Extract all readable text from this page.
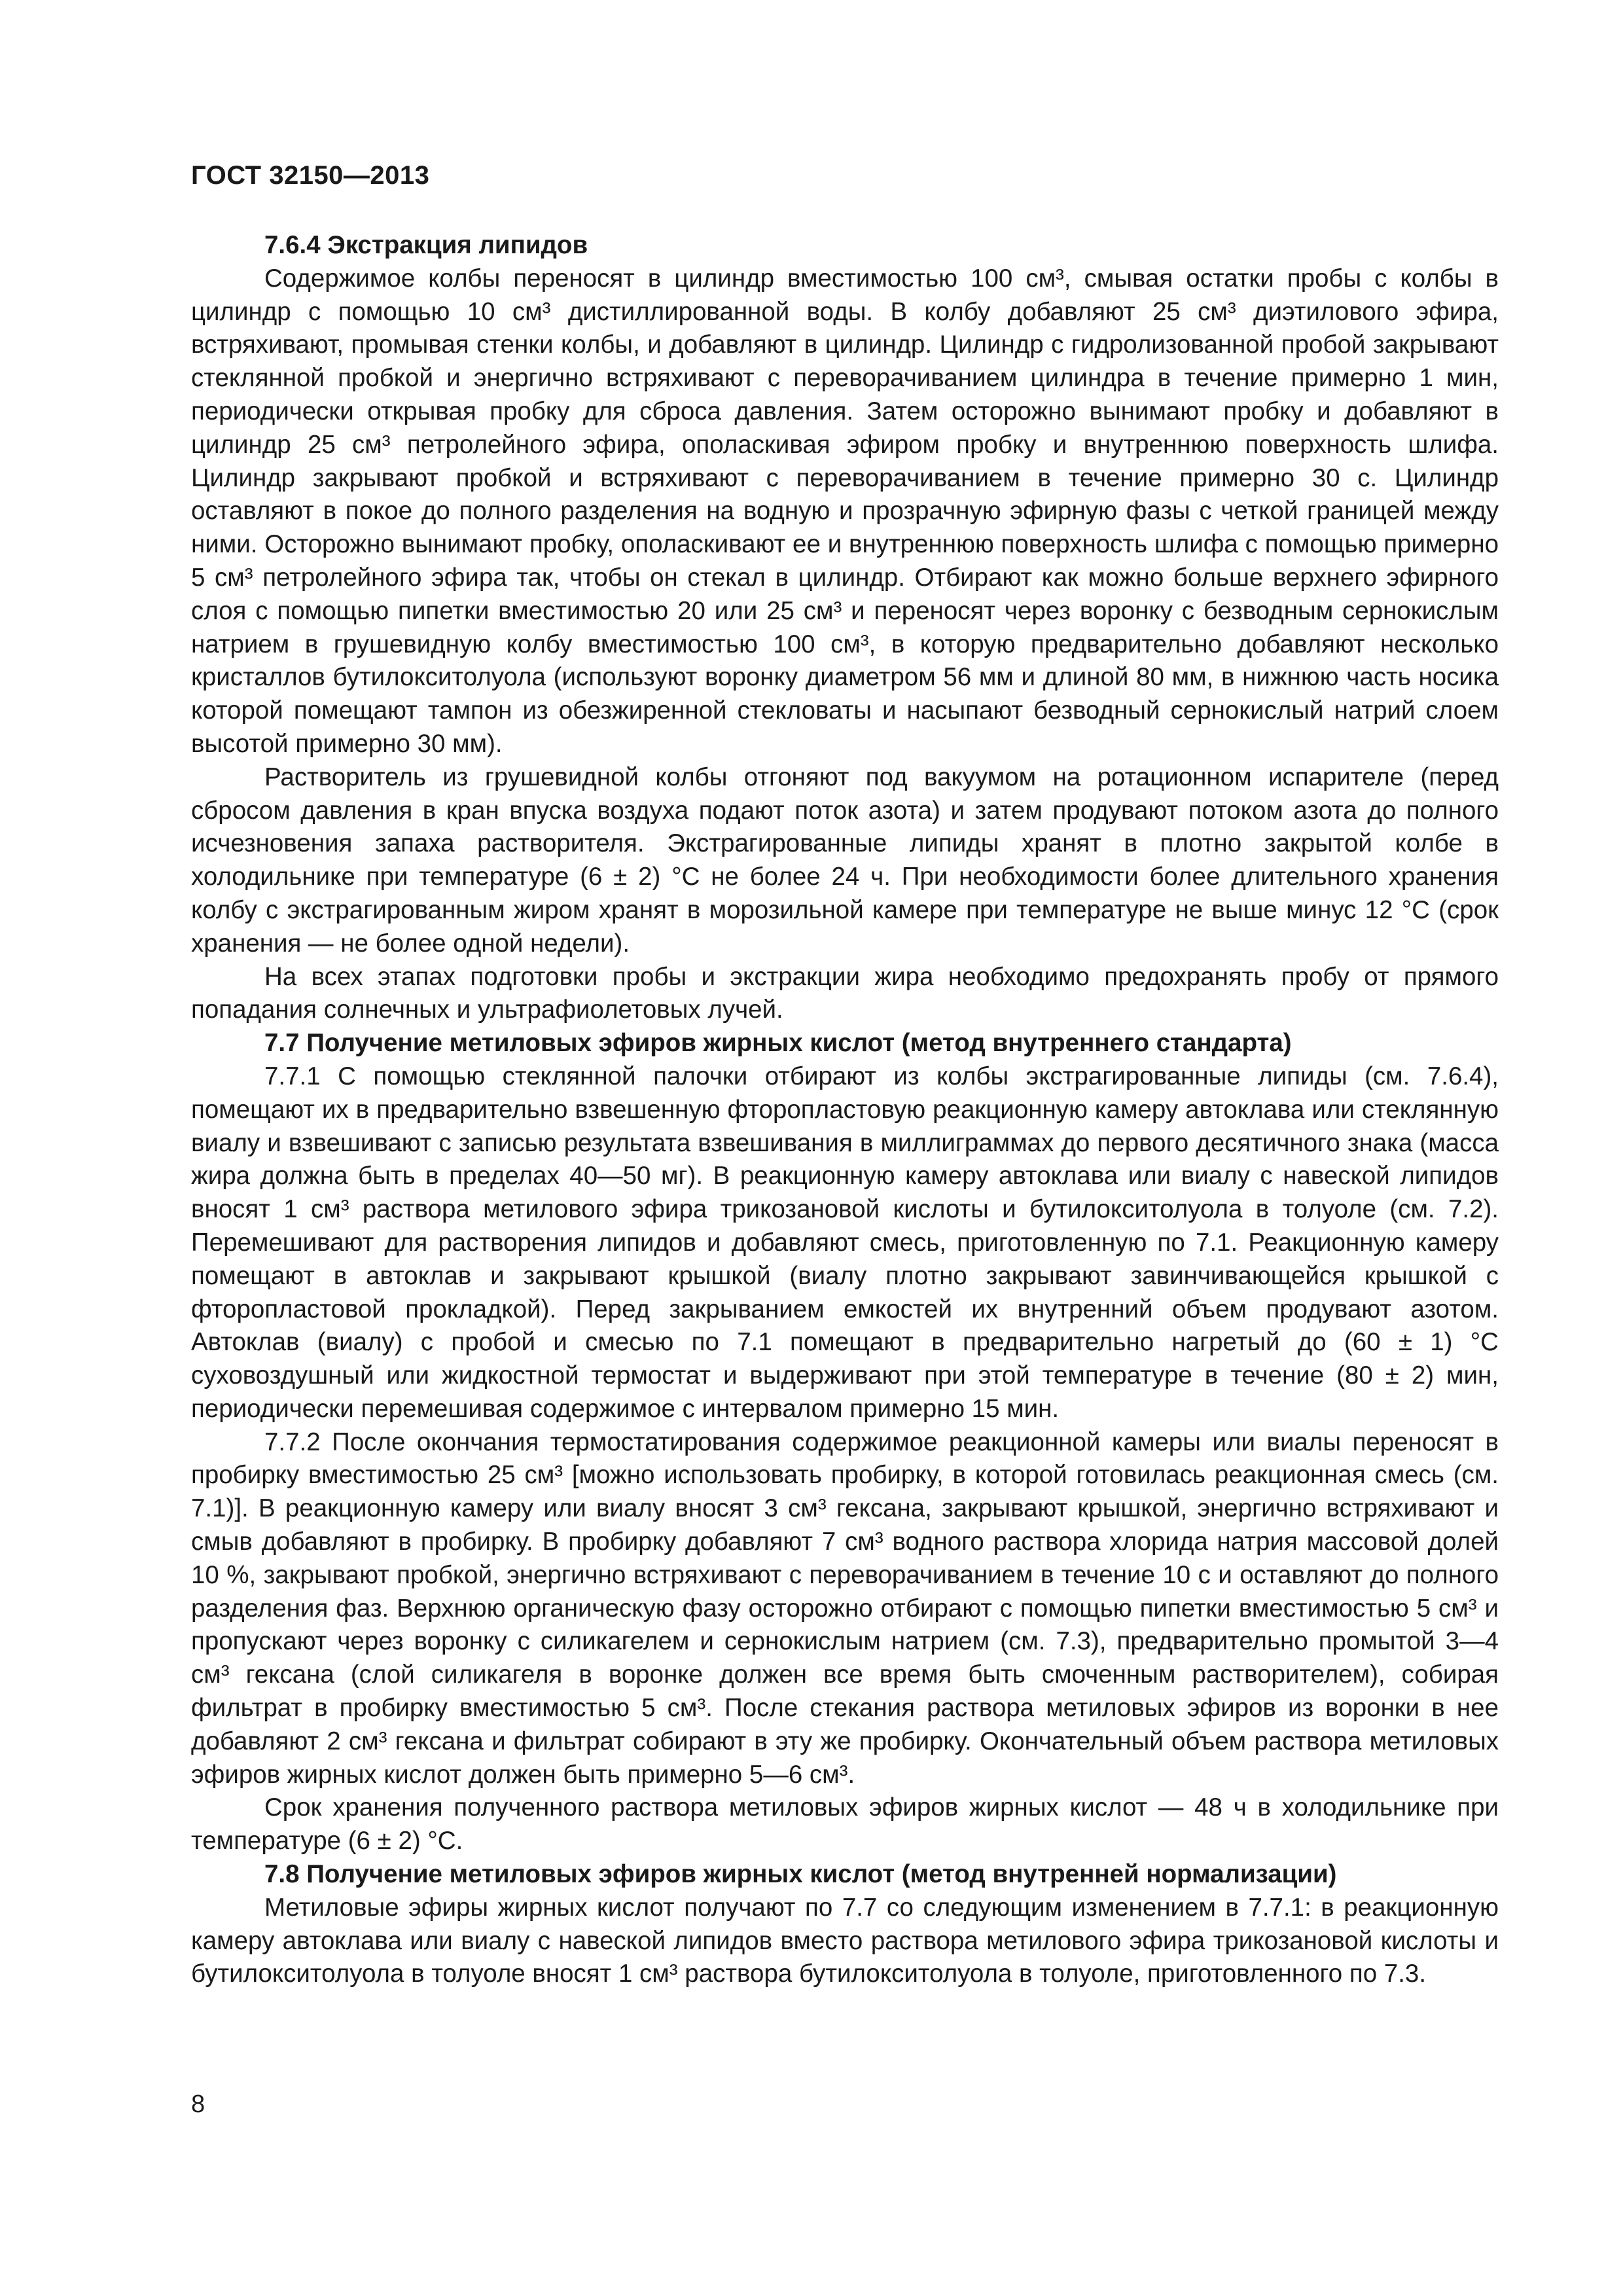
ГОСТ 32150—2013
7.6.4 Экстракция липидов

Содержимое колбы переносят в цилиндр вместимостью 100 см³, смывая остатки пробы с колбы в цилиндр с помощью 10 см³ дистиллированной воды. В колбу добавляют 25 см³ диэтилового эфира, встряхивают, промывая стенки колбы, и добавляют в цилиндр. Цилиндр с гидролизованной пробой закрывают стеклянной пробкой и энергично встряхивают с переворачиванием цилиндра в течение примерно 1 мин, периодически открывая пробку для сброса давления. Затем осторожно вынимают пробку и добавляют в цилиндр 25 см³ петролейного эфира, ополаскивая эфиром пробку и внутреннюю поверхность шлифа. Цилиндр закрывают пробкой и встряхивают с переворачиванием в течение примерно 30 с. Цилиндр оставляют в покое до полного разделения на водную и прозрачную эфирную фазы с четкой границей между ними. Осторожно вынимают пробку, ополаскивают ее и внутреннюю поверхность шлифа с помощью примерно 5 см³ петролейного эфира так, чтобы он стекал в цилиндр. Отбирают как можно больше верхнего эфирного слоя с помощью пипетки вместимостью 20 или 25 см³ и переносят через воронку с безводным сернокислым натрием в грушевидную колбу вместимостью 100 см³, в которую предварительно добавляют несколько кристаллов бутилокситолуола (используют воронку диаметром 56 мм и длиной 80 мм, в нижнюю часть носика которой помещают тампон из обезжиренной стекловаты и насыпают безводный сернокислый натрий слоем высотой примерно 30 мм).

Растворитель из грушевидной колбы отгоняют под вакуумом на ротационном испарителе (перед сбросом давления в кран впуска воздуха подают поток азота) и затем продувают потоком азота до полного исчезновения запаха растворителя. Экстрагированные липиды хранят в плотно закрытой колбе в холодильнике при температуре (6 ± 2) °C не более 24 ч. При необходимости более длительного хранения колбу с экстрагированным жиром хранят в морозильной камере при температуре не выше минус 12 °C (срок хранения — не более одной недели).

На всех этапах подготовки пробы и экстракции жира необходимо предохранять пробу от прямого попадания солнечных и ультрафиолетовых лучей.

7.7 Получение метиловых эфиров жирных кислот (метод внутреннего стандарта)

7.7.1 С помощью стеклянной палочки отбирают из колбы экстрагированные липиды (см. 7.6.4), помещают их в предварительно взвешенную фторопластовую реакционную камеру автоклава или стеклянную виалу и взвешивают с записью результата взвешивания в миллиграммах до первого десятичного знака (масса жира должна быть в пределах 40—50 мг). В реакционную камеру автоклава или виалу с навеской липидов вносят 1 см³ раствора метилового эфира трикозановой кислоты и бутилокситолуола в толуоле (см. 7.2). Перемешивают для растворения липидов и добавляют смесь, приготовленную по 7.1. Реакционную камеру помещают в автоклав и закрывают крышкой (виалу плотно закрывают завинчивающейся крышкой с фторопластовой прокладкой). Перед закрыванием емкостей их внутренний объем продувают азотом. Автоклав (виалу) с пробой и смесью по 7.1 помещают в предварительно нагретый до (60 ± 1) °C суховоздушный или жидкостной термостат и выдерживают при этой температуре в течение (80 ± 2) мин, периодически перемешивая содержимое с интервалом примерно 15 мин.

7.7.2 После окончания термостатирования содержимое реакционной камеры или виалы переносят в пробирку вместимостью 25 см³ [можно использовать пробирку, в которой готовилась реакционная смесь (см. 7.1)]. В реакционную камеру или виалу вносят 3 см³ гексана, закрывают крышкой, энергично встряхивают и смыв добавляют в пробирку. В пробирку добавляют 7 см³ водного раствора хлорида натрия массовой долей 10 %, закрывают пробкой, энергично встряхивают с переворачиванием в течение 10 с и оставляют до полного разделения фаз. Верхнюю органическую фазу осторожно отбирают с помощью пипетки вместимостью 5 см³ и пропускают через воронку с силикагелем и сернокислым натрием (см. 7.3), предварительно промытой 3—4 см³ гексана (слой силикагеля в воронке должен все время быть смоченным растворителем), собирая фильтрат в пробирку вместимостью 5 см³. После стекания раствора метиловых эфиров из воронки в нее добавляют 2 см³ гексана и фильтрат собирают в эту же пробирку. Окончательный объем раствора метиловых эфиров жирных кислот должен быть примерно 5—6 см³.

Срок хранения полученного раствора метиловых эфиров жирных кислот — 48 ч в холодильнике при температуре (6 ± 2) °C.

7.8 Получение метиловых эфиров жирных кислот (метод внутренней нормализации)

Метиловые эфиры жирных кислот получают по 7.7 со следующим изменением в 7.7.1: в реакционную камеру автоклава или виалу с навеской липидов вместо раствора метилового эфира трикозановой кислоты и бутилокситолуола в толуоле вносят 1 см³ раствора бутилокситолуола в толуоле, приготовленного по 7.3.

8
